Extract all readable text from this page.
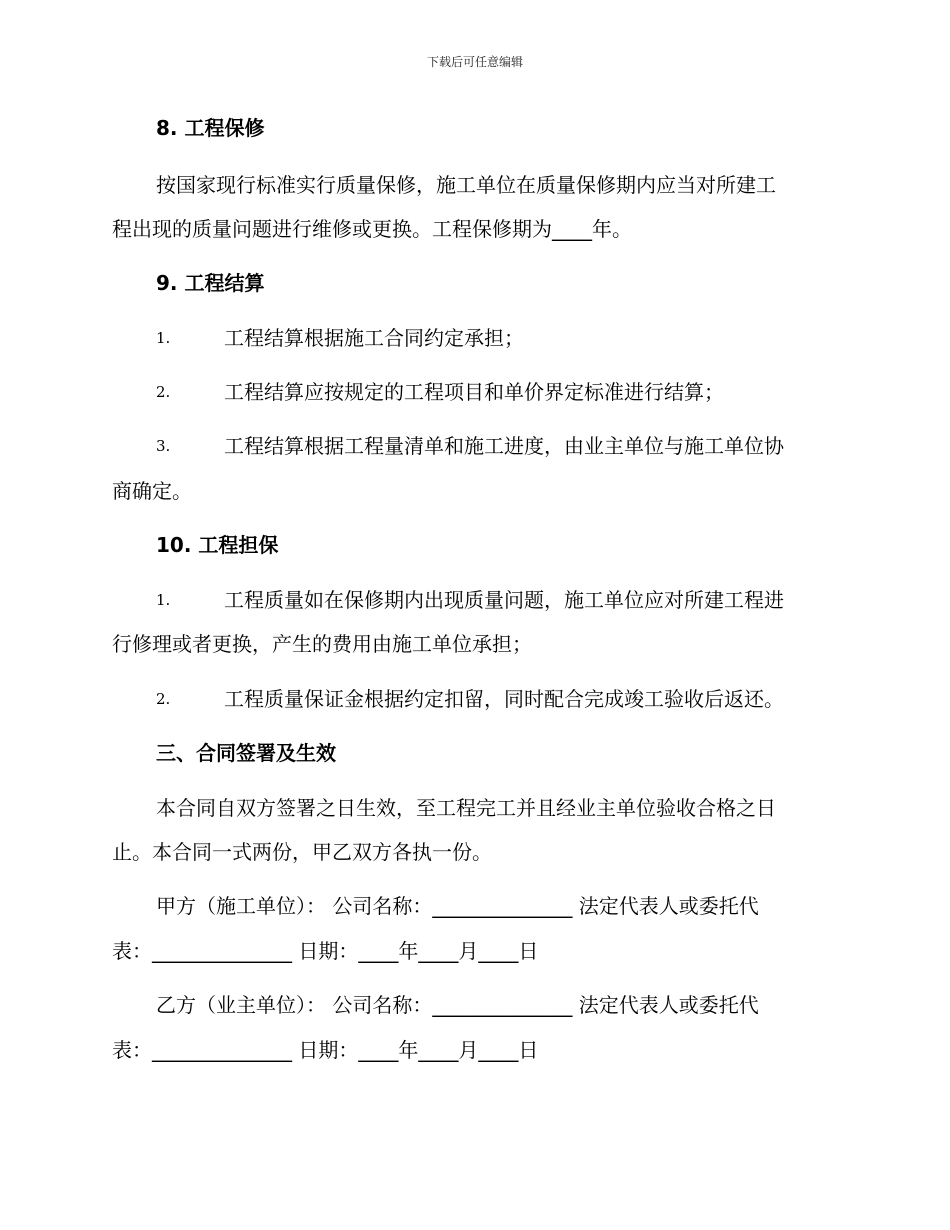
下载后可任意编辑
8. 工程保修
按国家现行标准实行质量保修，施工单位在质量保修期内应当对所建工
程出现的质量问题进行维修或更换。工程保修期为____年。
9. 工程结算
1.	工程结算根据施工合同约定承担；
2.	工程结算应按规定的工程项目和单价界定标准进行结算；
3.	工程结算根据工程量清单和施工进度，由业主单位与施工单位协
商确定。
10. 工程担保
1.	工程质量如在保修期内出现质量问题，施工单位应对所建工程进
行修理或者更换，产生的费用由施工单位承担；
2.	工程质量保证金根据约定扣留，同时配合完成竣工验收后返还。
三、合同签署及生效
本合同自双方签署之日生效，至工程完工并且经业主单位验收合格之日
止。本合同一式两份，甲乙双方各执一份。
甲方（施工单位）： 公司名称：______________ 法定代表人或委托代
表：______________ 日期：____年____月____日
乙方（业主单位）： 公司名称：______________ 法定代表人或委托代
表：______________ 日期：____年____月____日
